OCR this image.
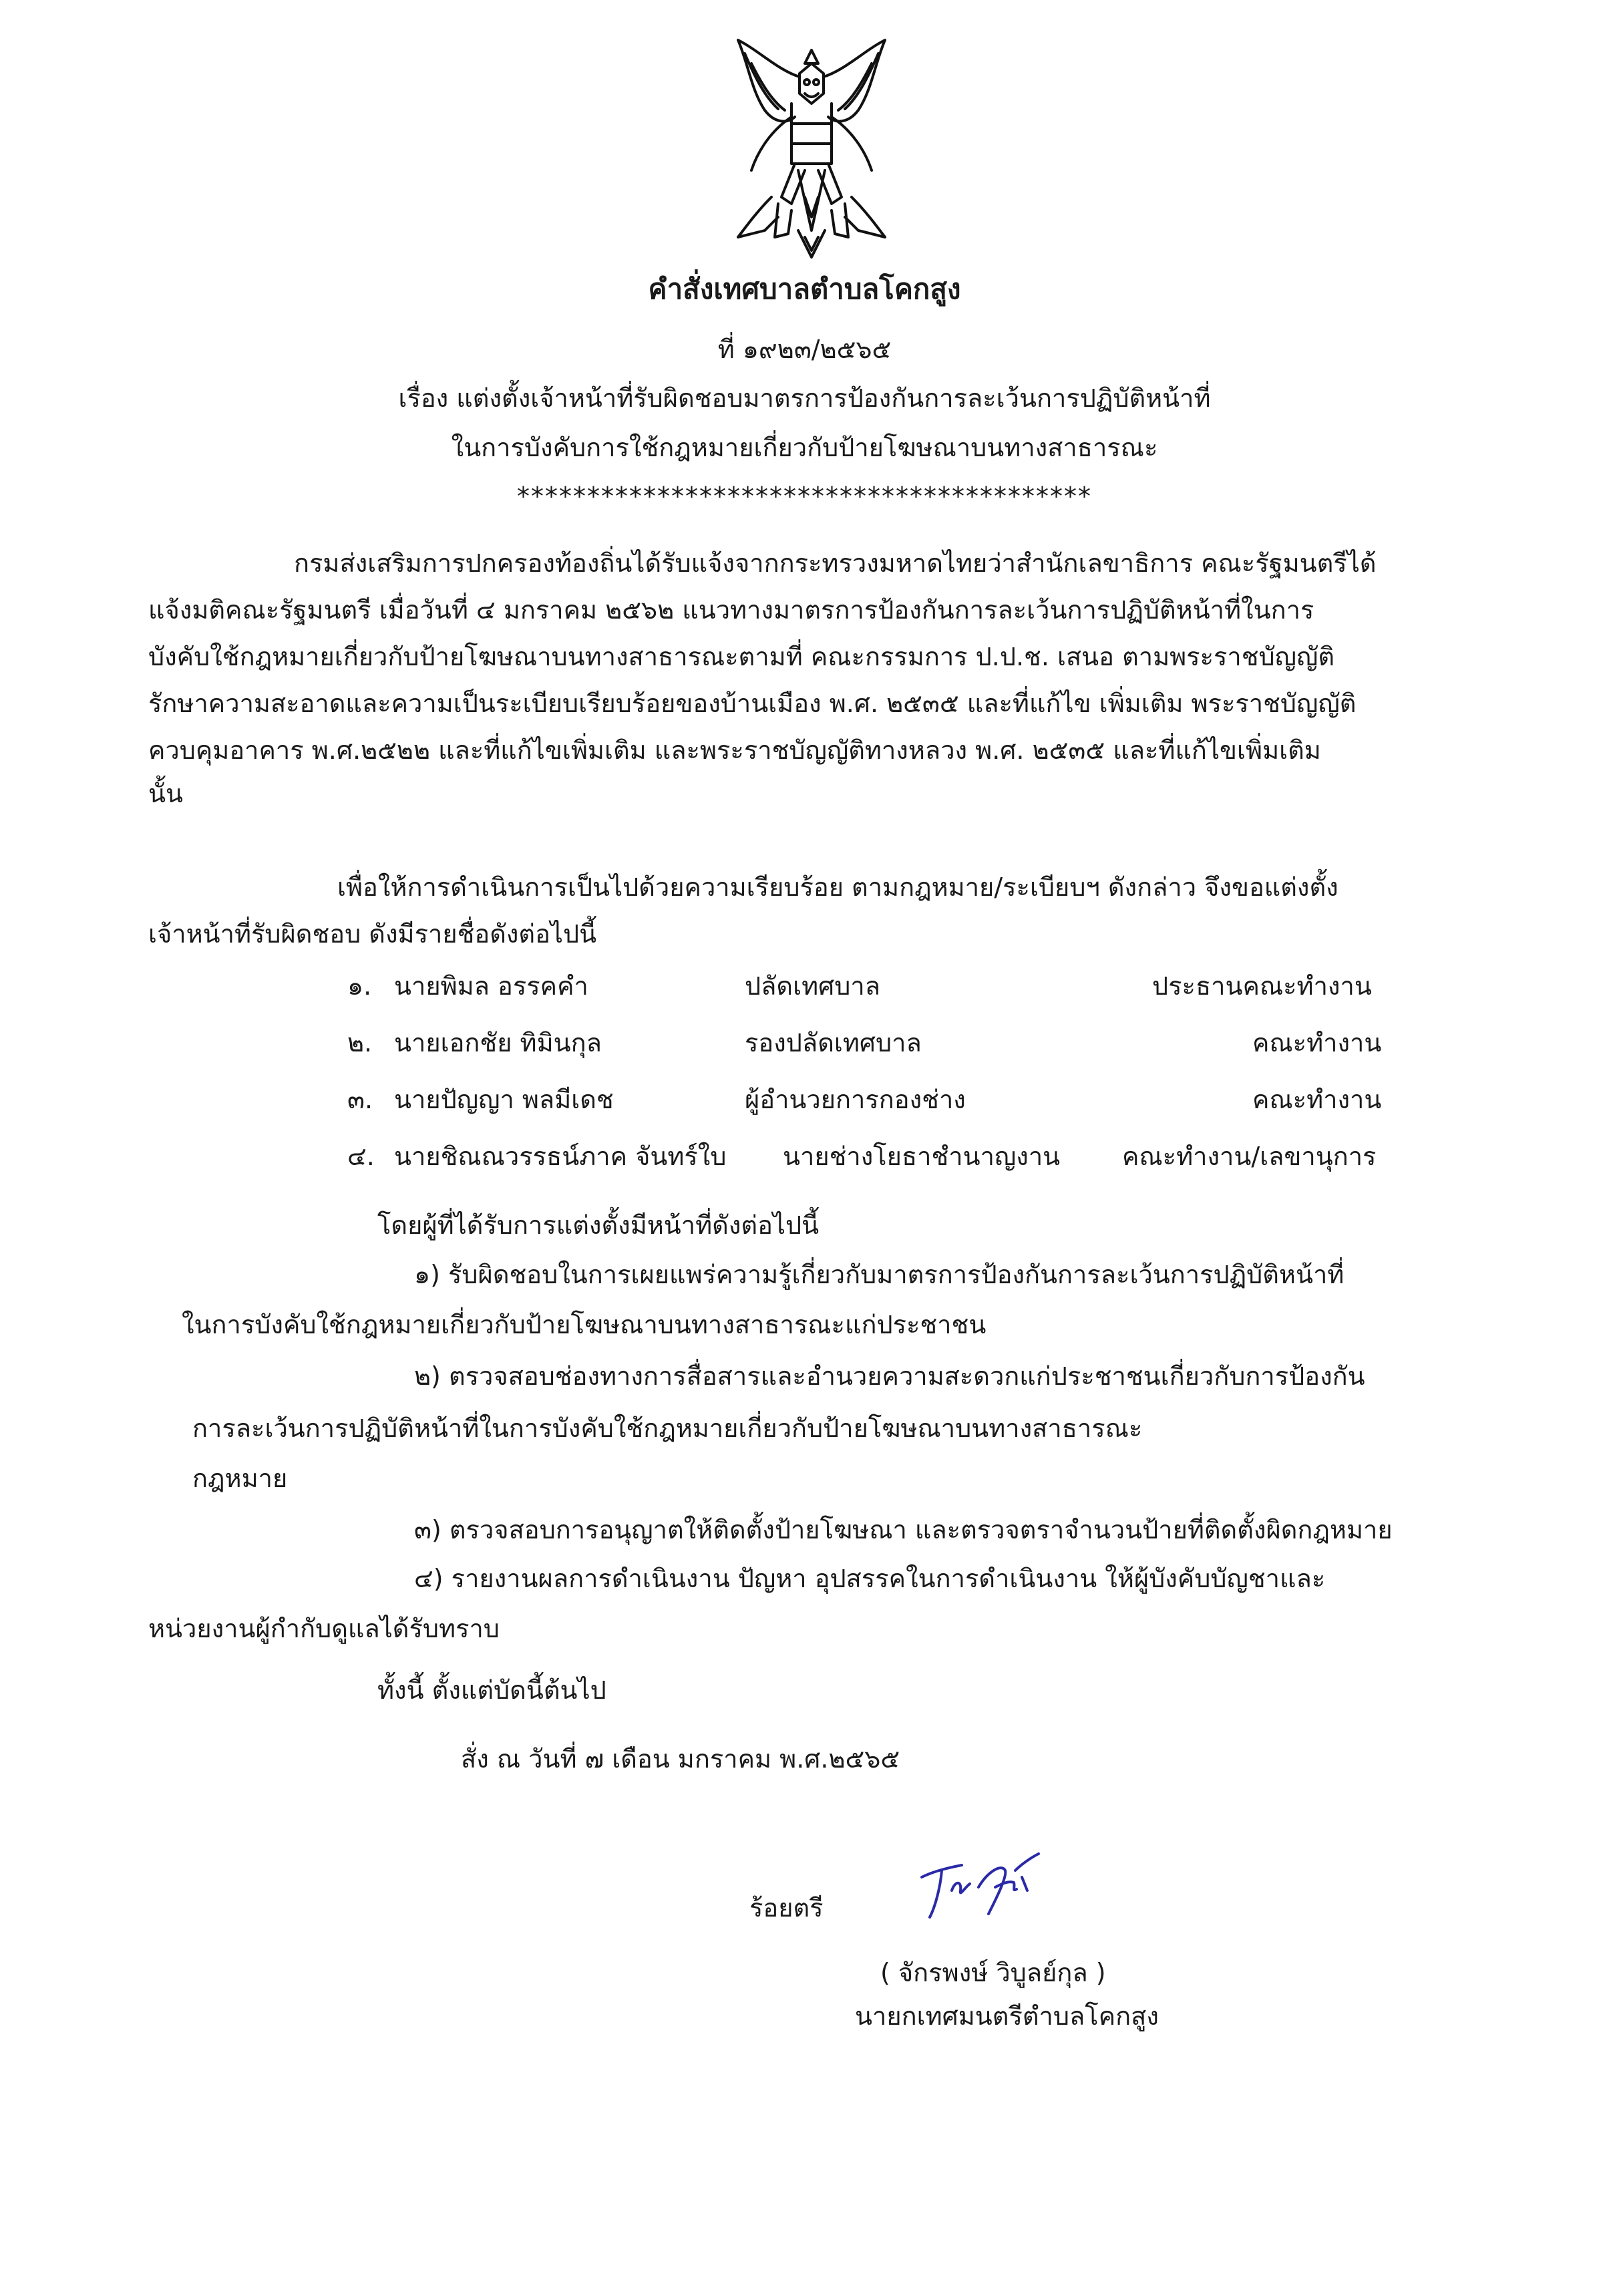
คำสั่งเทศบาลตำบลโคกสูง
ที่ ๑๙๒๓/๒๕๖๕
เรื่อง แต่งตั้งเจ้าหน้าที่รับผิดชอบมาตรการป้องกันการละเว้นการปฏิบัติหน้าที่
ในการบังคับการใช้กฎหมายเกี่ยวกับป้ายโฆษณาบนทางสาธารณะ
*****************************************
กรมส่งเสริมการปกครองท้องถิ่นได้รับแจ้งจากกระทรวงมหาดไทยว่าสำนักเลขาธิการ คณะรัฐมนตรีได้
แจ้งมติคณะรัฐมนตรี เมื่อวันที่ ๔ มกราคม ๒๕๖๒ แนวทางมาตรการป้องกันการละเว้นการปฏิบัติหน้าที่ในการ
บังคับใช้กฎหมายเกี่ยวกับป้ายโฆษณาบนทางสาธารณะตามที่ คณะกรรมการ ป.ป.ช. เสนอ ตามพระราชบัญญัติ
รักษาความสะอาดและความเป็นระเบียบเรียบร้อยของบ้านเมือง พ.ศ. ๒๕๓๕ และที่แก้ไข เพิ่มเติม พระราชบัญญัติ
ควบคุมอาคาร พ.ศ.๒๕๒๒ และที่แก้ไขเพิ่มเติม และพระราชบัญญัติทางหลวง พ.ศ. ๒๕๓๕ และที่แก้ไขเพิ่มเติม
นั้น
เพื่อให้การดำเนินการเป็นไปด้วยความเรียบร้อย ตามกฎหมาย/ระเบียบฯ ดังกล่าว จึงขอแต่งตั้ง
เจ้าหน้าที่รับผิดชอบ ดังมีรายชื่อดังต่อไปนี้
๑. นายพิมล อรรคคำ	ปลัดเทศบาล	ประธานคณะทำงาน
๒. นายเอกชัย ทิมินกุล	รองปลัดเทศบาล	คณะทำงาน
๓. นายปัญญา พลมีเดช	ผู้อำนวยการกองช่าง	คณะทำงาน
๔. นายชิณณวรรธน์ภาค จันทร์ใบ นายช่างโยธาชำนาญงาน คณะทำงาน/เลขานุการ
โดยผู้ที่ได้รับการแต่งตั้งมีหน้าที่ดังต่อไปนี้
๑) รับผิดชอบในการเผยแพร่ความรู้เกี่ยวกับมาตรการป้องกันการละเว้นการปฏิบัติหน้าที่
ในการบังคับใช้กฎหมายเกี่ยวกับป้ายโฆษณาบนทางสาธารณะแก่ประชาชน
๒) ตรวจสอบช่องทางการสื่อสารและอำนวยความสะดวกแก่ประชาชนเกี่ยวกับการป้องกัน
การละเว้นการปฏิบัติหน้าที่ในการบังคับใช้กฎหมายเกี่ยวกับป้ายโฆษณาบนทางสาธารณะ
กฎหมาย
๓) ตรวจสอบการอนุญาตให้ติดตั้งป้ายโฆษณา และตรวจตราจำนวนป้ายที่ติดตั้งผิดกฎหมาย
๔) รายงานผลการดำเนินงาน ปัญหา อุปสรรคในการดำเนินงาน ให้ผู้บังคับบัญชาและ
หน่วยงานผู้กำกับดูแลได้รับทราบ
ทั้งนี้ ตั้งแต่บัดนี้ต้นไป
สั่ง ณ วันที่ ๗ เดือน มกราคม พ.ศ.๒๕๖๕
ร้อยตรี
( จักรพงษ์ วิบูลย์กุล )
นายกเทศมนตรีตำบลโคกสูง
